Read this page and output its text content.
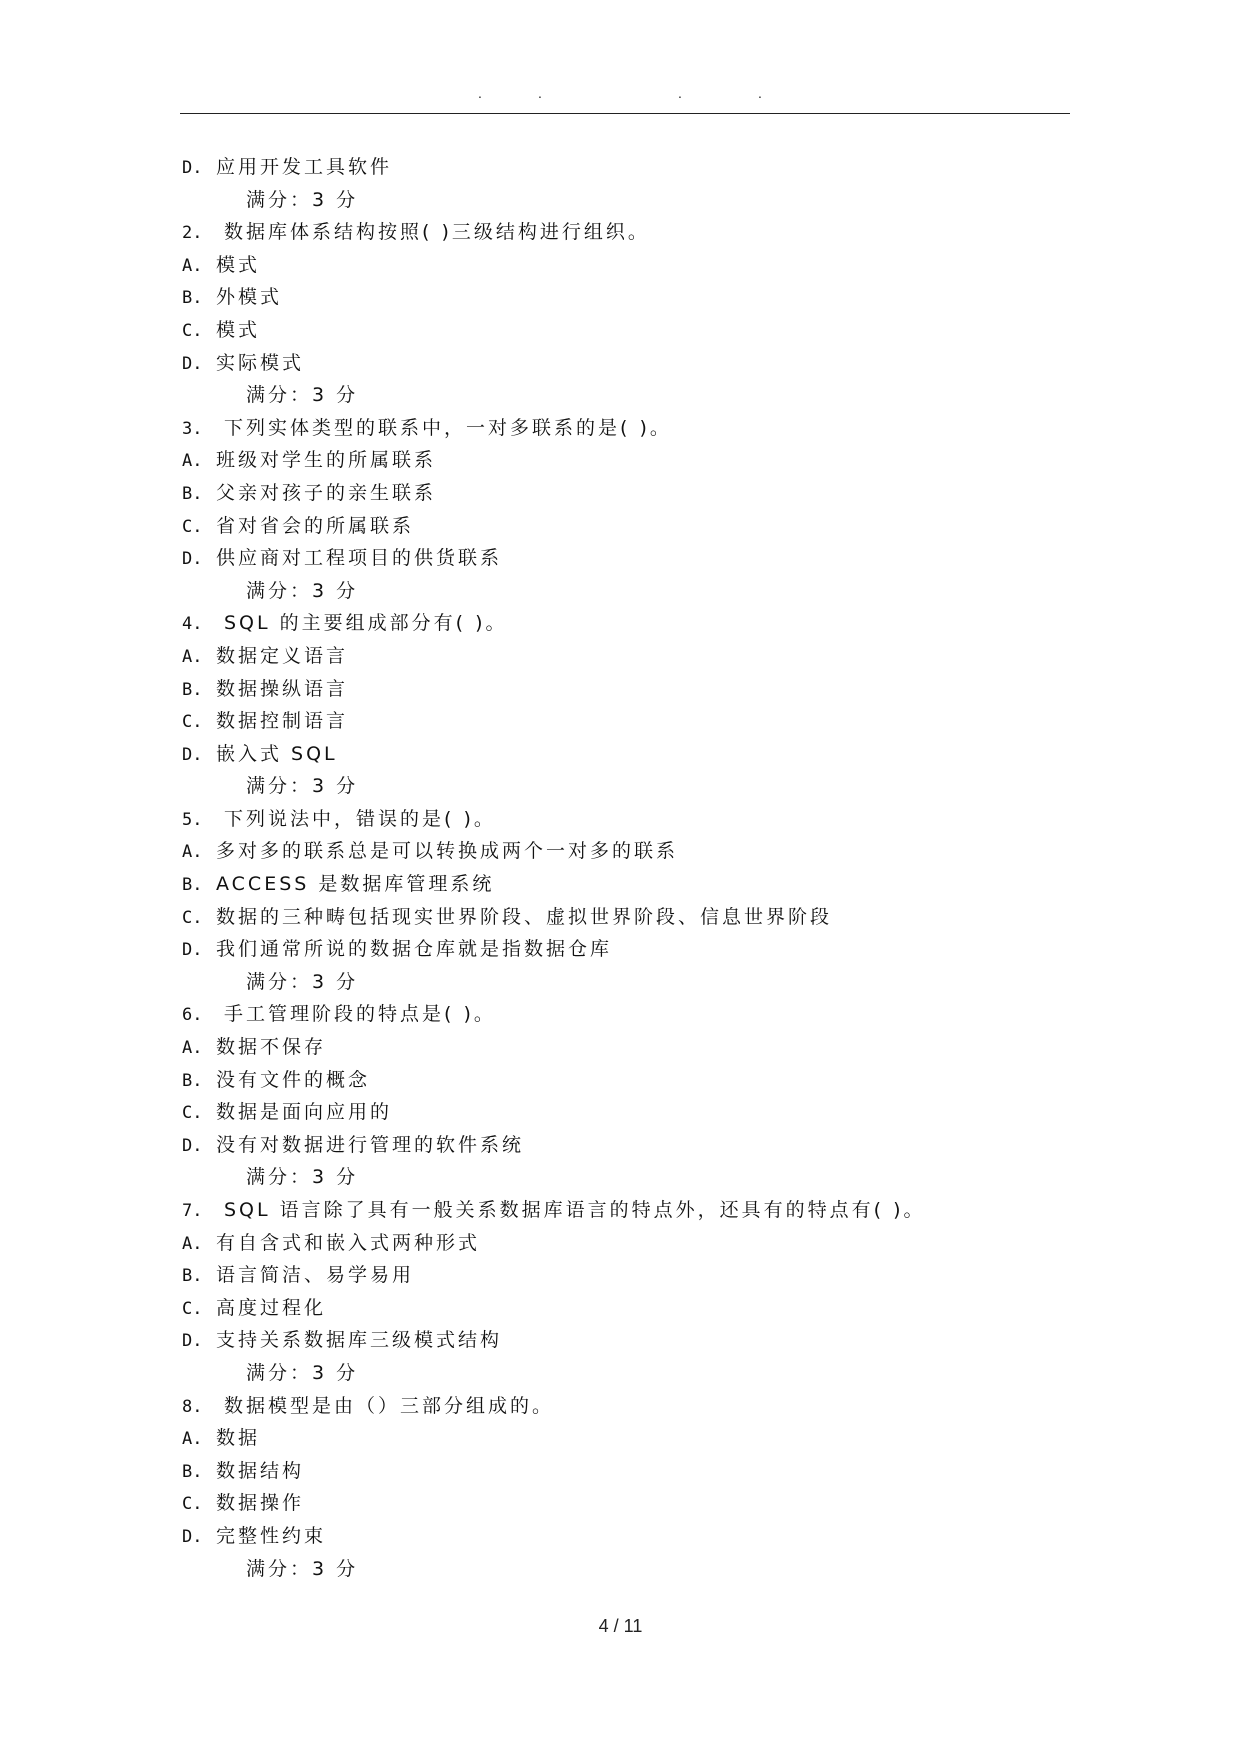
.	.	.	.
D. 应用开发工具软件
满分：3 分
2. 数据库体系结构按照( )三级结构进行组织。
A. 模式
B. 外模式
C. 模式
D. 实际模式
满分：3 分
3. 下列实体类型的联系中，一对多联系的是( )。
A. 班级对学生的所属联系
B. 父亲对孩子的亲生联系
C. 省对省会的所属联系
D. 供应商对工程项目的供货联系
满分：3 分
4. SQL 的主要组成部分有( )。
A. 数据定义语言
B. 数据操纵语言
C. 数据控制语言
D. 嵌入式 SQL
满分：3 分
5. 下列说法中，错误的是( )。
A. 多对多的联系总是可以转换成两个一对多的联系
B. ACCESS 是数据库管理系统
C. 数据的三种畴包括现实世界阶段、虚拟世界阶段、信息世界阶段
D. 我们通常所说的数据仓库就是指数据仓库
满分：3 分
6. 手工管理阶段的特点是( )。
A. 数据不保存
B. 没有文件的概念
C. 数据是面向应用的
D. 没有对数据进行管理的软件系统
满分：3 分
7. SQL 语言除了具有一般关系数据库语言的特点外，还具有的特点有( )。
A. 有自含式和嵌入式两种形式
B. 语言简洁、易学易用
C. 高度过程化
D. 支持关系数据库三级模式结构
满分：3 分
8. 数据模型是由（）三部分组成的。
A. 数据
B. 数据结构
C. 数据操作
D. 完整性约束
满分：3 分
4 / 11
